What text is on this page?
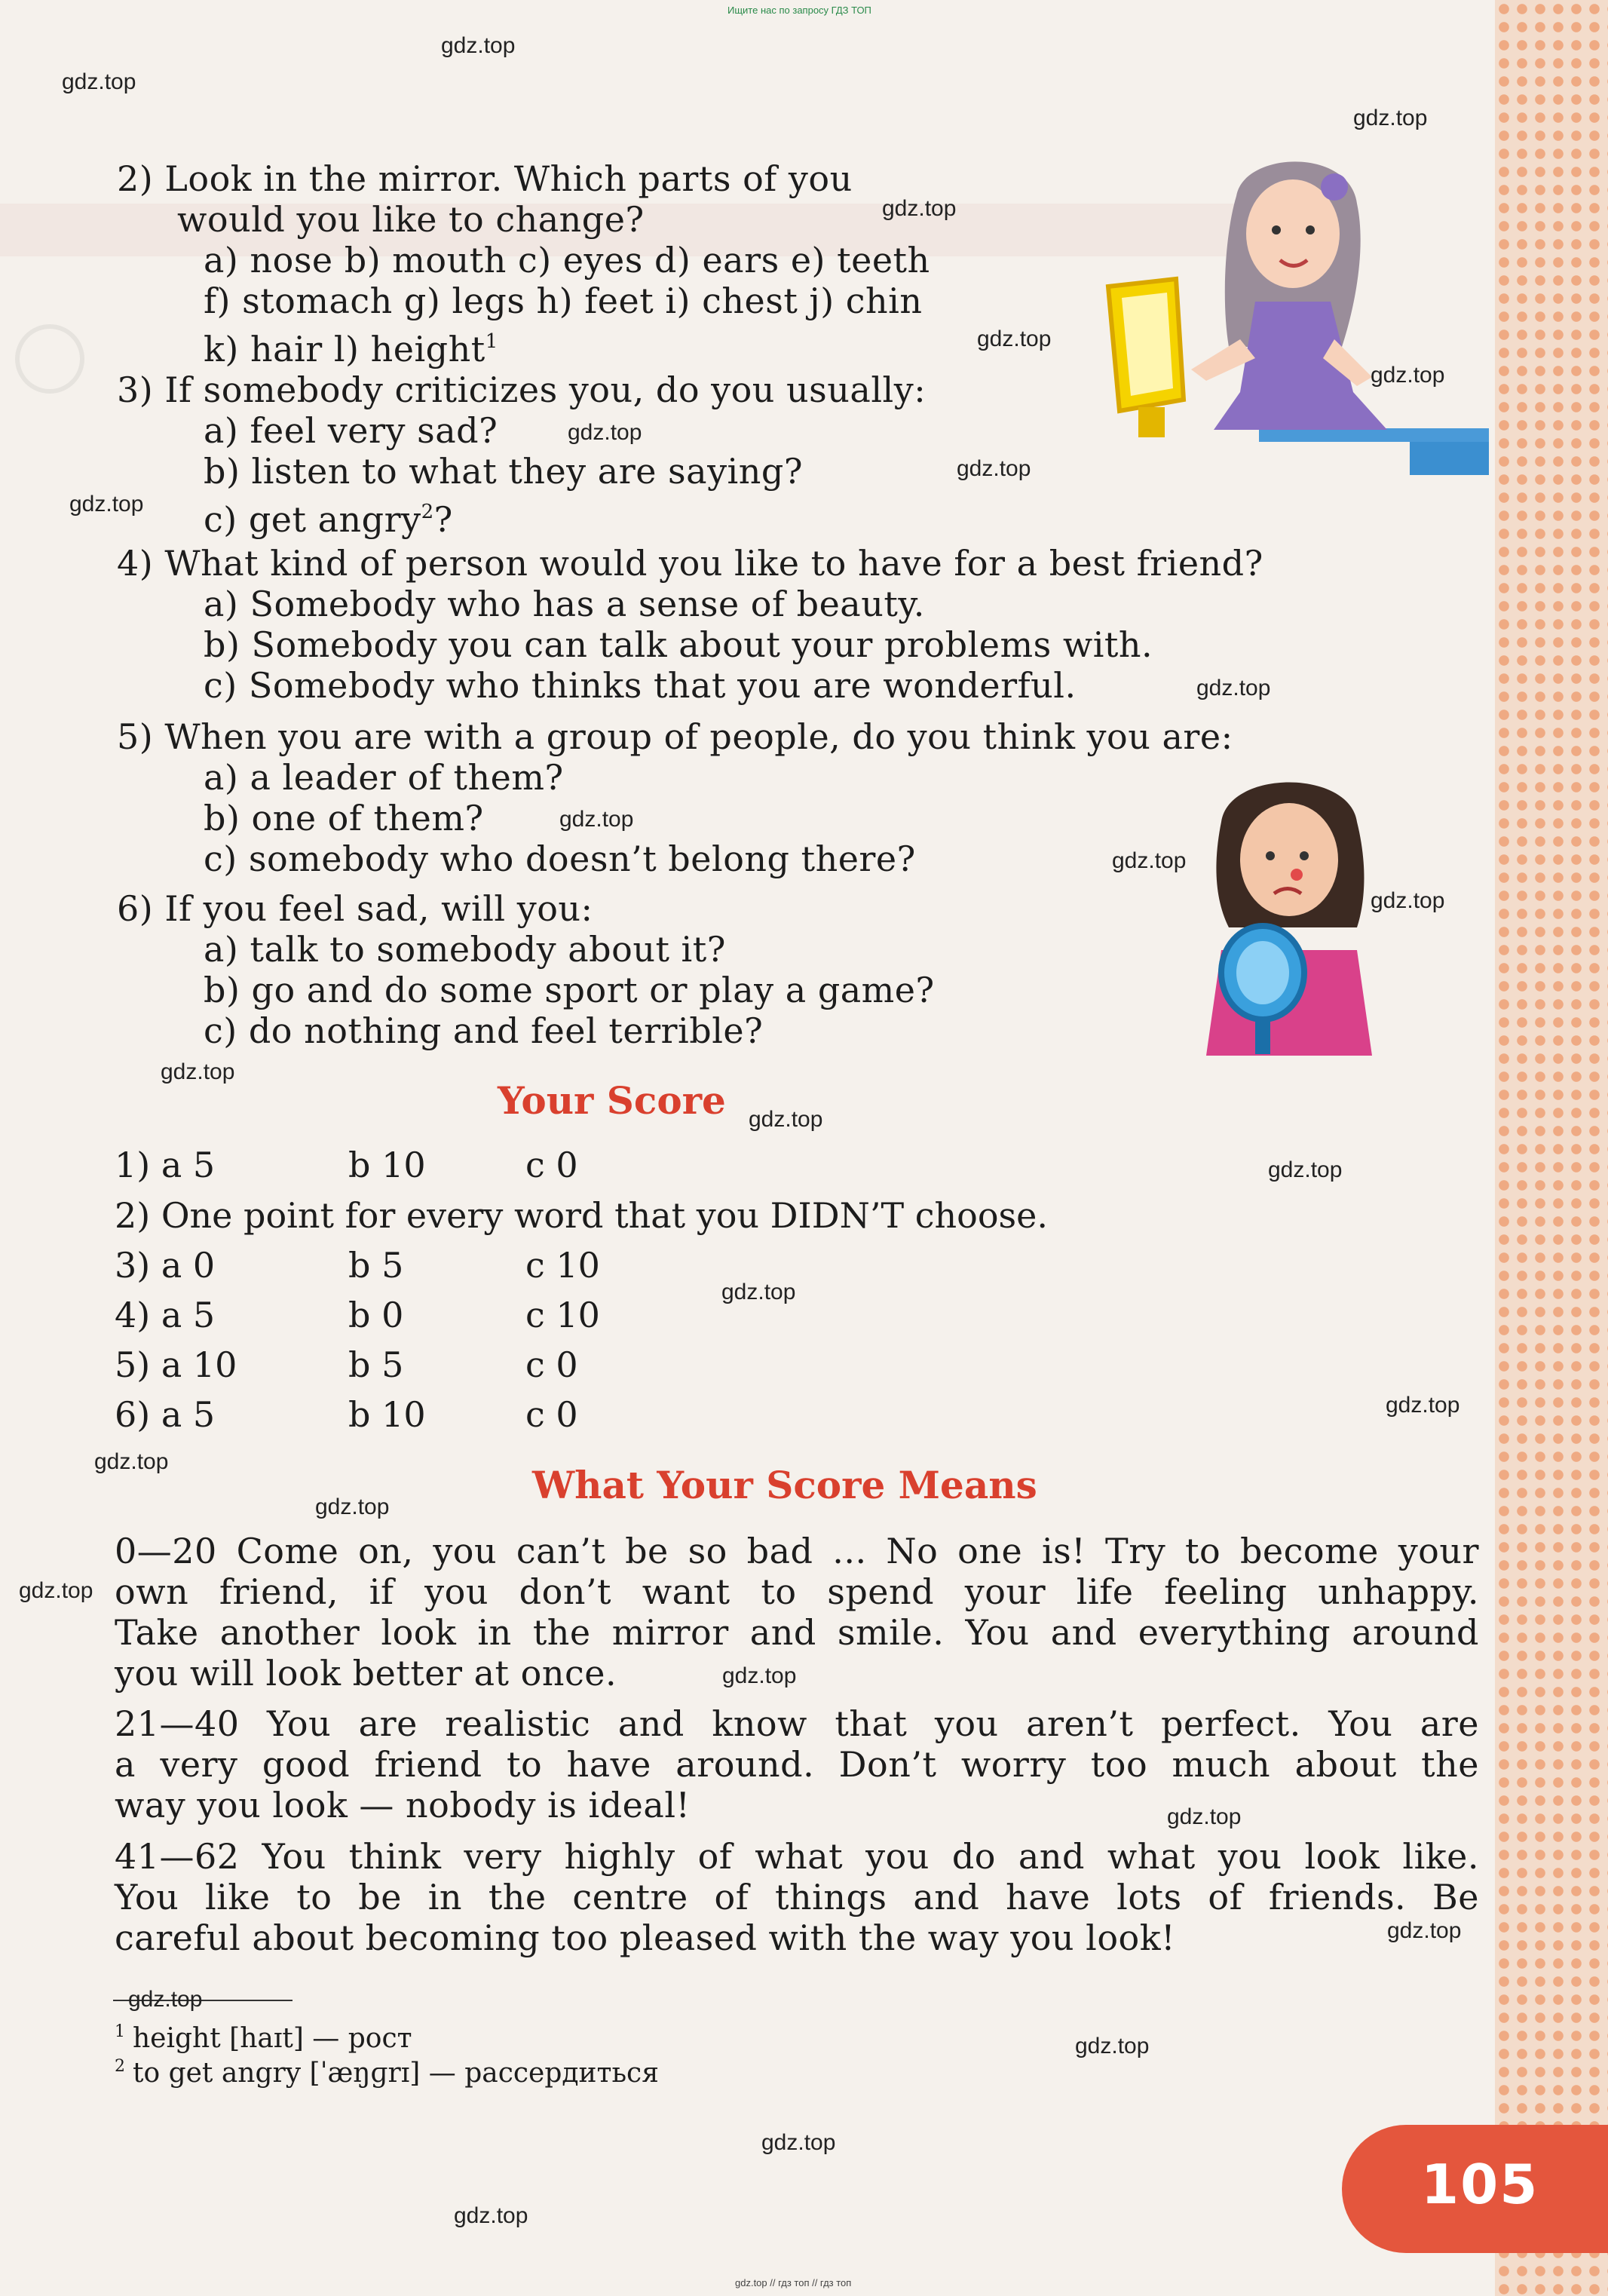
105
Ищите нас по запросу ГДЗ ТОП
gdz.top // гдз топ // гдз топ
2) Look in the mirror. Which parts of you
would you like to change?
a) nose b) mouth c) eyes d) ears e) teeth
f) stomach g) legs h) feet i) chest j) chin
k) hair l) height$^1$
3) If somebody criticizes you, do you usually:
a) feel very sad?
b) listen to what they are saying?
c) get angry$^2$?
4) What kind of person would you like to have for a best friend?
a) Somebody who has a sense of beauty.
b) Somebody you can talk about your problems with.
c) Somebody who thinks that you are wonderful.
5) When you are with a group of people, do you think you are:
a) a leader of them?
b) one of them?
c) somebody who doesn’t belong there?
6) If you feel sad, will you:
a) talk to somebody about it?
b) go and do some sport or play a game?
c) do nothing and feel terrible?
Your Score
1) a 5	b 10	c 0
2) One point for every word that you DIDN’T choose.
3) a 0	b 5	c 10
4) a 5	b 0	c 10
5) a 10	b 5	c 0
6) a 5	b 10	c 0
What Your Score Means
0—20 Come on, you can’t be so bad ... No one is! Try to become your
own friend, if you don’t want to spend your life feeling unhappy.
Take another look in the mirror and smile. You and everything around
you will look better at once.
21—40 You are realistic and know that you aren’t perfect. You are
a very good friend to have around. Don’t worry too much about the
way you look — nobody is ideal!
41—62 You think very highly of what you do and what you look like.
You like to be in the centre of things and have lots of friends. Be
careful about becoming too pleased with the way you look!
$^1$ height [haɪt] — рост
$^2$ to get angry [ˈæŋɡrɪ] — рассердиться
gdz.top
gdz.top
gdz.top
gdz.top
gdz.top
gdz.top
gdz.top
gdz.top
gdz.top
gdz.top
gdz.top
gdz.top
gdz.top
gdz.top
gdz.top
gdz.top
gdz.top
gdz.top
gdz.top
gdz.top
gdz.top
gdz.top
gdz.top
gdz.top
gdz.top
gdz.top
gdz.top
gdz.top
